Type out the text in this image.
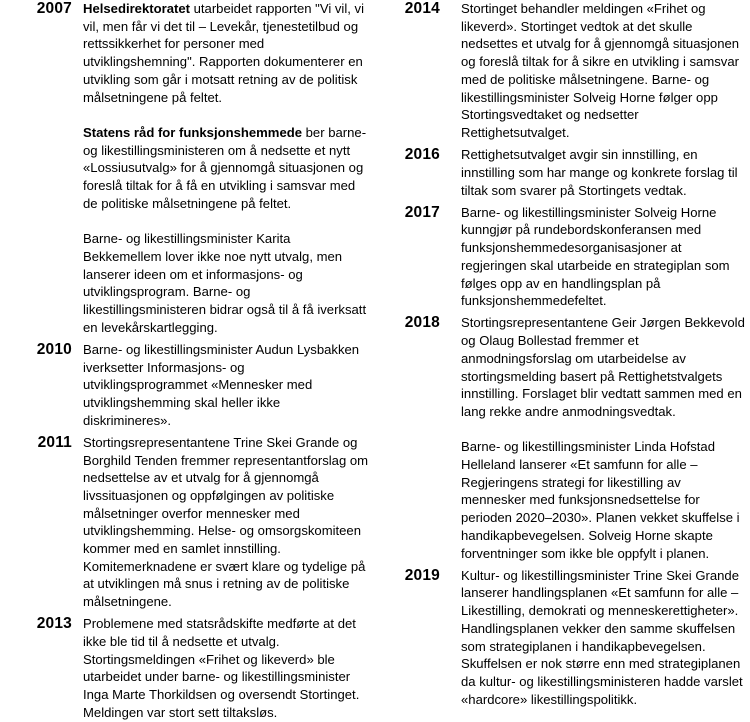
2007 Helsedirektoratet utarbeidet rapporten "Vi vil, vi vil, men får vi det til – Levekår, tjenestetilbud og rettssikkerhet for personer med utviklingshemning". Rapporten dokumenterer en utvikling som går i motsatt retning av de politisk målsetningene på feltet.

Statens råd for funksjonshemmede ber barne- og likestillingsministeren om å nedsette et nytt «Lossiusutvalg» for å gjennomgå situasjonen og foreslå tiltak for å få en utvikling i samsvar med de politiske målsetningene på feltet.

Barne- og likestillingsminister Karita Bekkemellem lover ikke noe nytt utvalg, men lanserer ideen om et informasjons- og utviklingsprogram. Barne- og likestillingsministeren bidrar også til å få iverksatt en levekårskartlegging.

2010 Barne- og likestillingsminister Audun Lysbakken iverksetter Informasjons- og utviklingsprogrammet «Mennesker med utviklingshemming skal heller ikke diskrimineres».

2011 Stortingsrepresentantene Trine Skei Grande og Borghild Tenden fremmer representantforslag om nedsettelse av et utvalg for å gjennomgå livssituasjonen og oppfølgingen av politiske målsetninger overfor mennesker med utviklingshemming. Helse- og omsorgskomiteen kommer med en samlet innstilling. Komitemerknadene er svært klare og tydelige på at utviklingen må snus i retning av de politiske målsetningene.

2013 Problemene med statsrådskifte medførte at det ikke ble tid til å nedsette et utvalg. Stortingsmeldingen «Frihet og likeverd» ble utarbeidet under barne- og likestillingsminister Inga Marte Thorkildsen og oversendt Stortinget. Meldingen var stort sett tiltaksløs.

2014 Stortinget behandler meldingen «Frihet og likeverd». Stortinget vedtok at det skulle nedsettes et utvalg for å gjennomgå situasjonen og foreslå tiltak for å sikre en utvikling i samsvar med de politiske målsetningene. Barne- og likestillingsminister Solveig Horne følger opp Stortingsvedtaket og nedsetter Rettighetsutvalget.

2016 Rettighetsutvalget avgir sin innstilling, en innstilling som har mange og konkrete forslag til tiltak som svarer på Stortingets vedtak.

2017 Barne- og likestillingsminister Solveig Horne kunngjør på rundebordskonferansen med funksjonshemmedesorganisasjoner at regjeringen skal utarbeide en strategiplan som følges opp av en handlingsplan på funksjonshemmedefeltet.

2018 Stortingsrepresentantene Geir Jørgen Bekkevold og Olaug Bollestad fremmer et anmodningsforslag om utarbeidelse av stortingsmelding basert på Rettighetstvalgets innstilling. Forslaget blir vedtatt sammen med en lang rekke andre anmodningsvedtak.

Barne- og likestillingsminister Linda Hofstad Helleland lanserer «Et samfunn for alle – Regjeringens strategi for likestilling av mennesker med funksjonsnedsettelse for perioden 2020–2030». Planen vekket skuffelse i handikapbevegelsen. Solveig Horne skapte forventninger som ikke ble oppfylt i planen.

2019 Kultur- og likestillingsminister Trine Skei Grande lanserer handlingsplanen «Et samfunn for alle – Likestilling, demokrati og menneskerettigheter». Handlingsplanen vekker den samme skuffelsen som strategiplanen i handikapbevegelsen. Skuffelsen er nok større enn med strategiplanen da kultur- og likestillingsministeren hadde varslet «hardcore» likestillingspolitikk.
